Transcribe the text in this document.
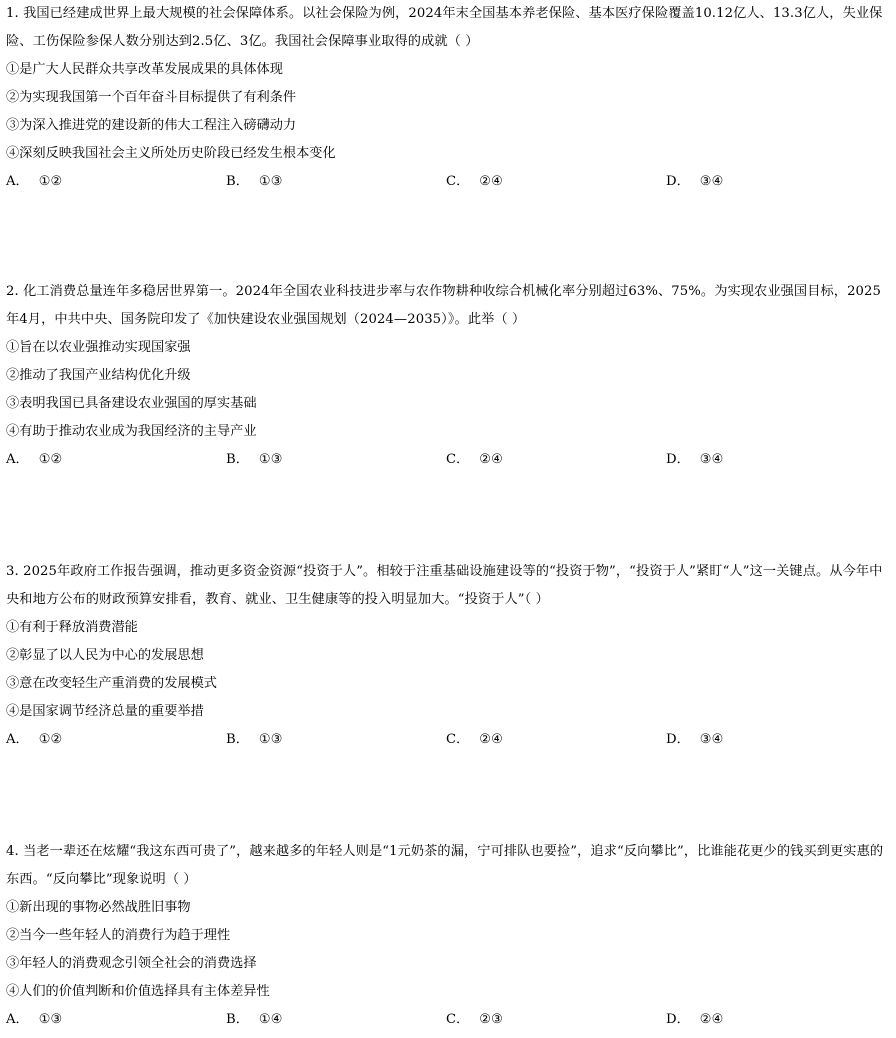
1. 我国已经建成世界上最大规模的社会保障体系。以社会保险为例，2024年末全国基本养老保险、基本医疗保险覆盖10.12亿人、13.3亿人，失业保险、工伤保险参保人数分别达到2.5亿、3亿。我国社会保障事业取得的成就（ ）

①是广大人民群众共享改革发展成果的具体体现

②为实现我国第一个百年奋斗目标提供了有利条件

③为深入推进党的建设新的伟大工程注入磅礴动力

④深刻反映我国社会主义所处历史阶段已经发生根本变化

A． ①②	B． ①③	C． ②④	D． ③④

2. 化工消费总量连年多稳居世界第一。2024年全国农业科技进步率与农作物耕种收综合机械化率分别超过63%、75%。为实现农业强国目标，2025年4月，中共中央、国务院印发了《加快建设农业强国规划（2024—2035）》。此举（ ）

①旨在以农业强推动实现国家强

②推动了我国产业结构优化升级

③表明我国已具备建设农业强国的厚实基础

④有助于推动农业成为我国经济的主导产业

A． ①②	B． ①③	C． ②④	D． ③④

3. 2025年政府工作报告强调，推动更多资金资源“投资于人”。相较于注重基础设施建设等的“投资于物”，“投资于人”紧盯“人”这一关键点。从今年中央和地方公布的财政预算安排看，教育、就业、卫生健康等的投入明显加大。“投资于人”（ ）

①有利于释放消费潜能

②彰显了以人民为中心的发展思想

③意在改变轻生产重消费的发展模式

④是国家调节经济总量的重要举措

A． ①②	B． ①③	C． ②④	D． ③④

4. 当老一辈还在炫耀“我这东西可贵了”，越来越多的年轻人则是“1元奶茶的漏，宁可排队也要捡”，追求“反向攀比”，比谁能花更少的钱买到更实惠的东西。“反向攀比”现象说明（ ）

①新出现的事物必然战胜旧事物

②当今一些年轻人的消费行为趋于理性

③年轻人的消费观念引领全社会的消费选择

④人们的价值判断和价值选择具有主体差异性

A． ①③	B． ①④	C． ②③	D． ②④
